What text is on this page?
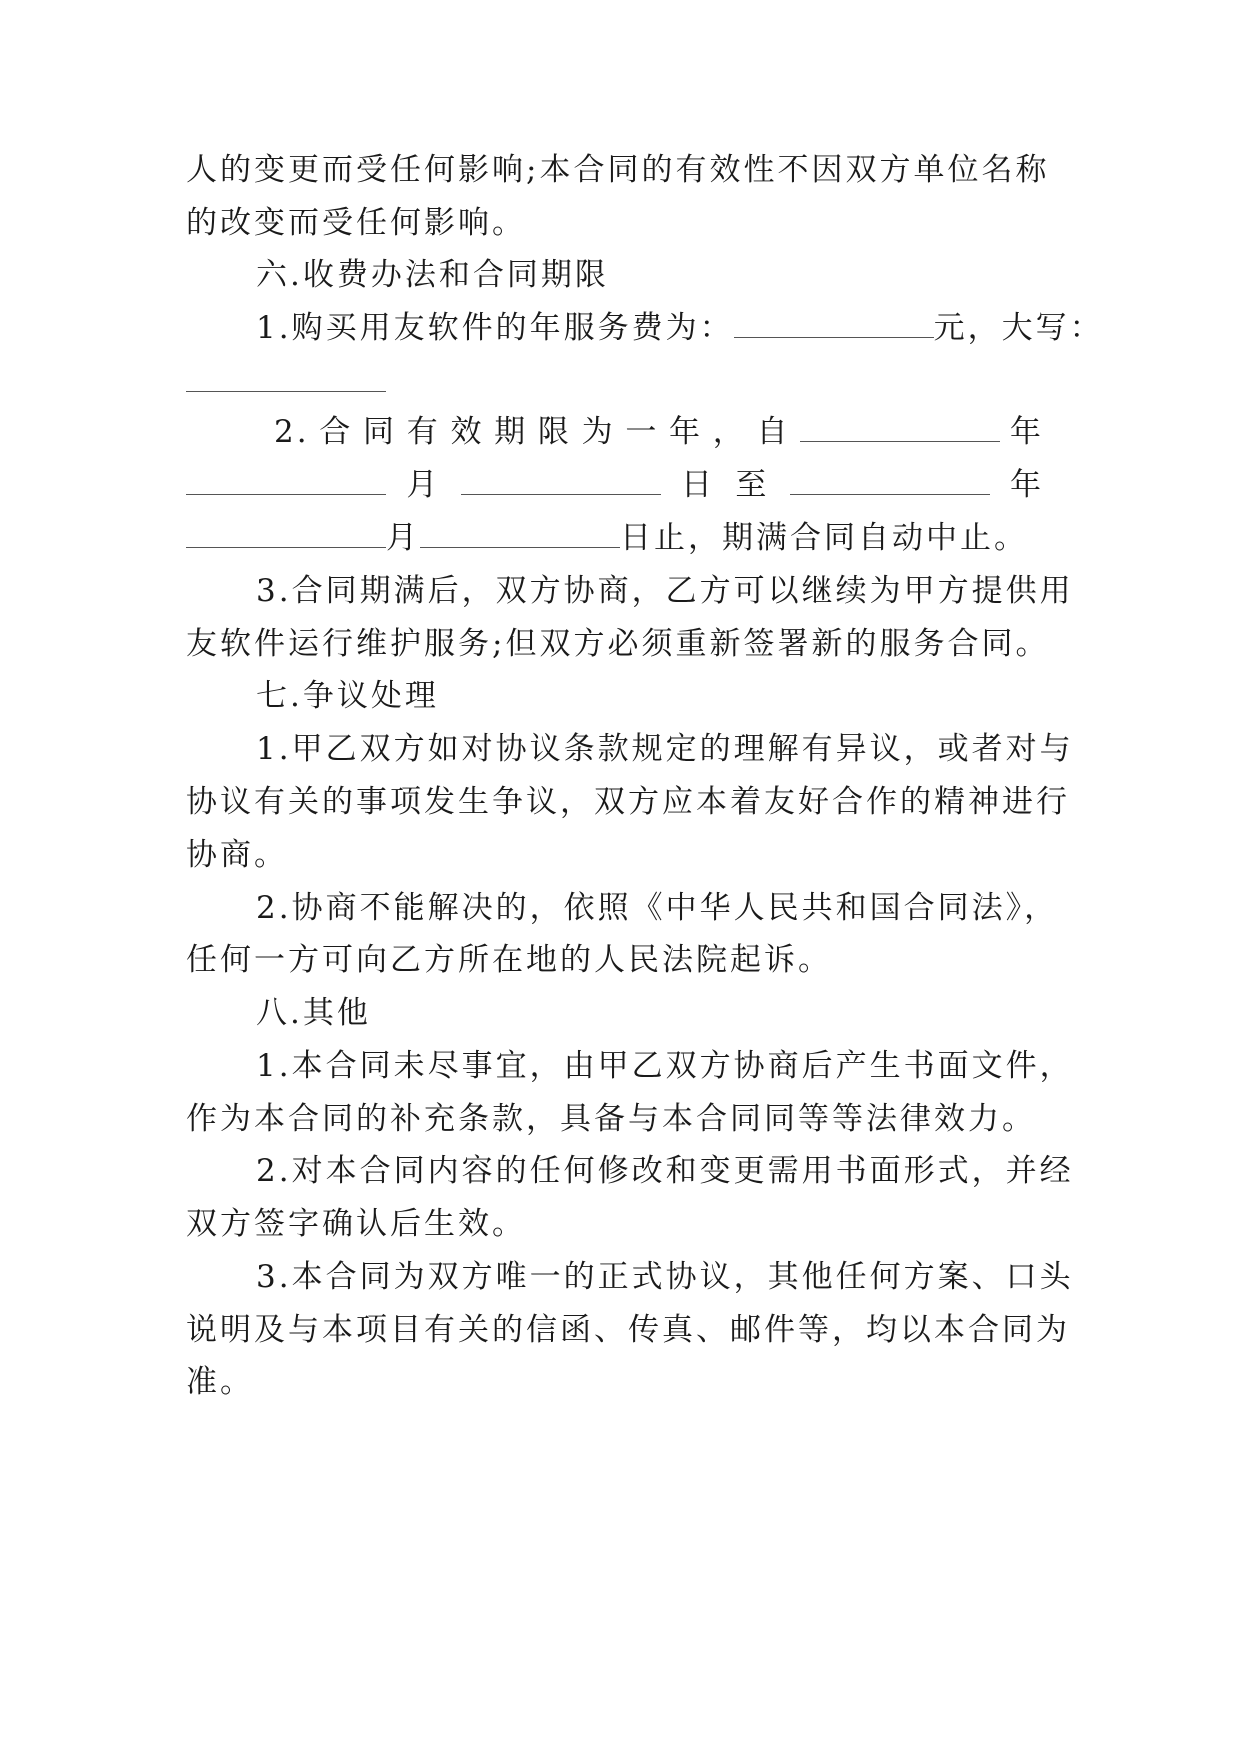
人的变更而受任何影响;本合同的有效性不因双方单位名称
的改变而受任何影响。
六.收费办法和合同期限
1.购买用友软件的年服务费为：	元，大写：
2. 合 同 有 效 期 限 为 一 年 ， 自	年
月	日 至	年
月	日止，期满合同自动中止。
3.合同期满后，双方协商，乙方可以继续为甲方提供用
友软件运行维护服务;但双方必须重新签署新的服务合同。
七.争议处理
1.甲乙双方如对协议条款规定的理解有异议，或者对与
协议有关的事项发生争议，双方应本着友好合作的精神进行
协商。
2.协商不能解决的，依照《中华人民共和国合同法》，
任何一方可向乙方所在地的人民法院起诉。
八.其他
1.本合同未尽事宜，由甲乙双方协商后产生书面文件，
作为本合同的补充条款，具备与本合同同等等法律效力。
2.对本合同内容的任何修改和变更需用书面形式，并经
双方签字确认后生效。
3.本合同为双方唯一的正式协议，其他任何方案、口头
说明及与本项目有关的信函、传真、邮件等，均以本合同为
准。
